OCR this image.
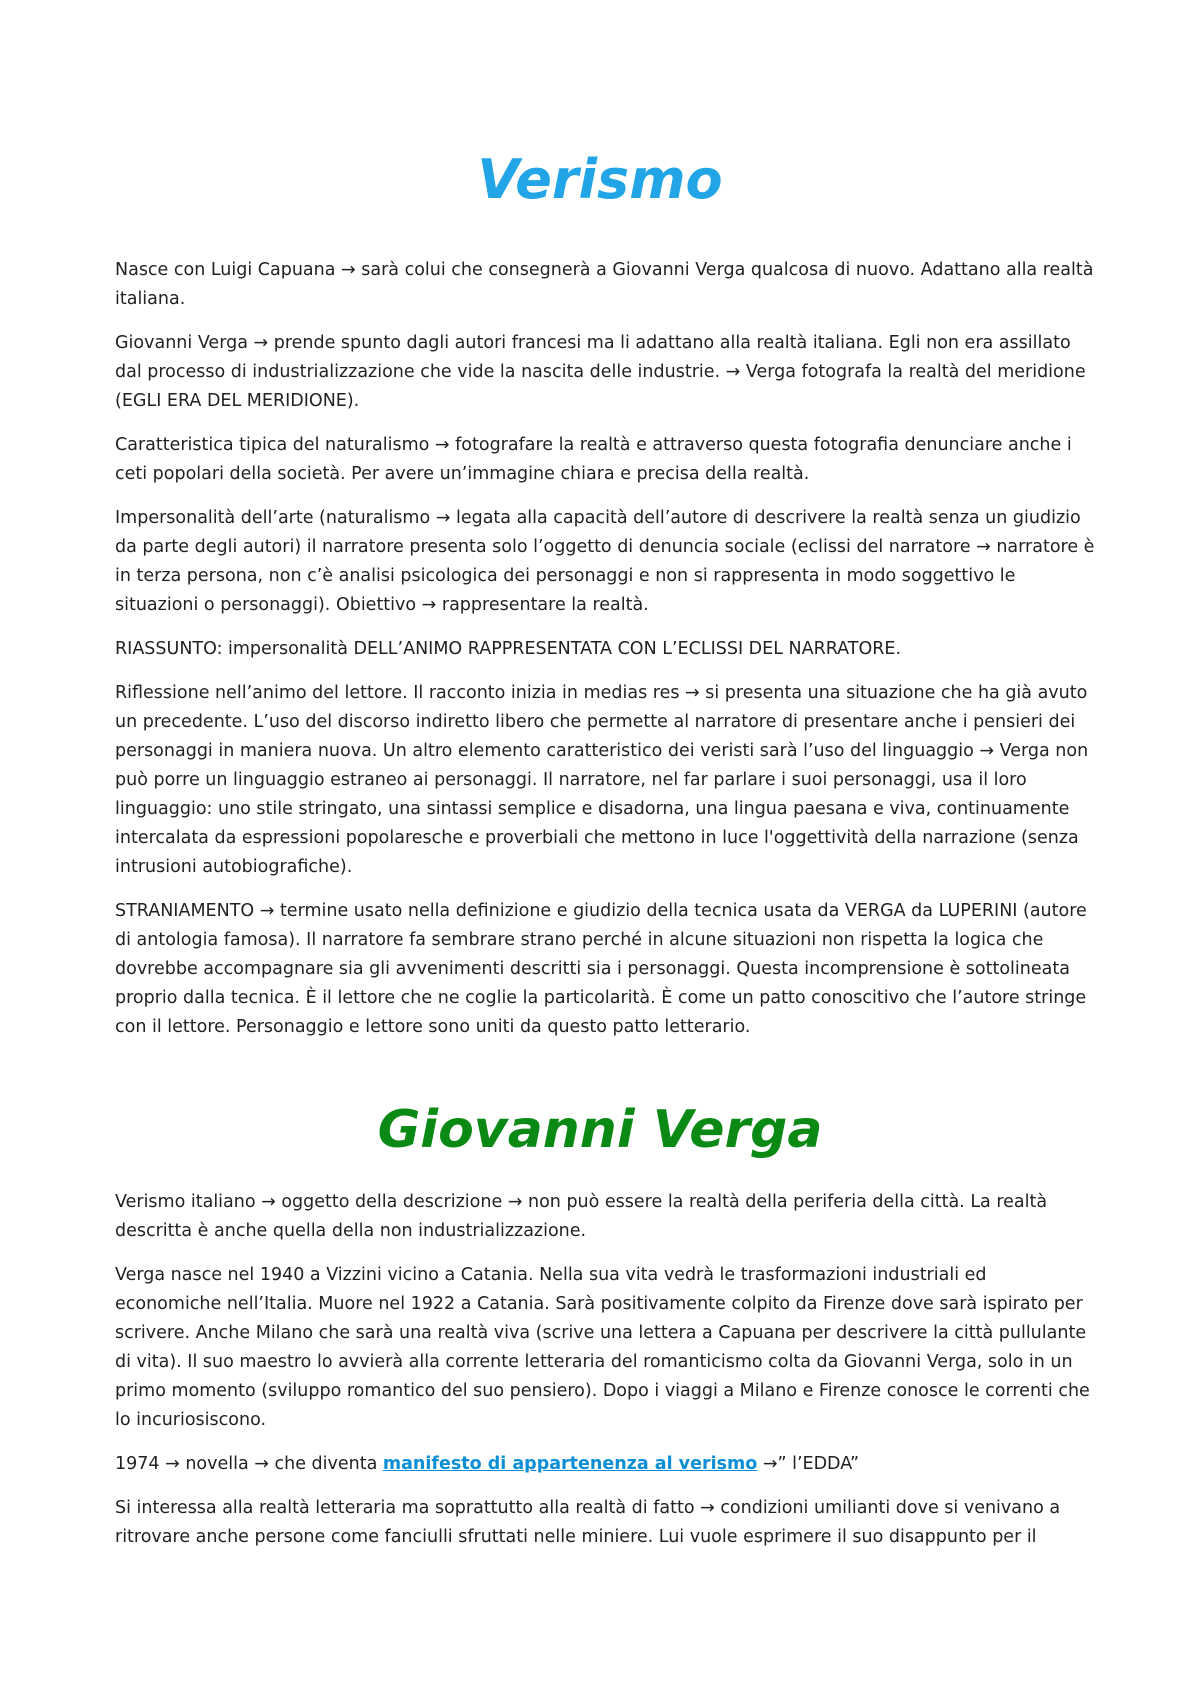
Verismo

Nasce con Luigi Capuana → sarà colui che consegnerà a Giovanni Verga qualcosa di nuovo. Adattano alla realtà italiana.

Giovanni Verga → prende spunto dagli autori francesi ma li adattano alla realtà italiana. Egli non era assillato dal processo di industrializzazione che vide la nascita delle industrie. → Verga fotografa la realtà del meridione (EGLI ERA DEL MERIDIONE).

Caratteristica tipica del naturalismo → fotografare la realtà e attraverso questa fotografia denunciare anche i ceti popolari della società. Per avere un’immagine chiara e precisa della realtà.

Impersonalità dell’arte (naturalismo → legata alla capacità dell’autore di descrivere la realtà senza un giudizio da parte degli autori) il narratore presenta solo l’oggetto di denuncia sociale (eclissi del narratore → narratore è in terza persona, non c’è analisi psicologica dei personaggi e non si rappresenta in modo soggettivo le situazioni o personaggi). Obiettivo → rappresentare la realtà.

RIASSUNTO: impersonalità DELL’ANIMO RAPPRESENTATA CON L’ECLISSI DEL NARRATORE.

Riflessione nell’animo del lettore. Il racconto inizia in medias res → si presenta una situazione che ha già avuto un precedente. L’uso del discorso indiretto libero che permette al narratore di presentare anche i pensieri dei personaggi in maniera nuova. Un altro elemento caratteristico dei veristi sarà l’uso del linguaggio → Verga non può porre un linguaggio estraneo ai personaggi. Il narratore, nel far parlare i suoi personaggi, usa il loro linguaggio: uno stile stringato, una sintassi semplice e disadorna, una lingua paesana e viva, continuamente intercalata da espressioni popolaresche e proverbiali che mettono in luce l'oggettività della narrazione (senza intrusioni autobiografiche).

STRANIAMENTO → termine usato nella definizione e giudizio della tecnica usata da VERGA da LUPERINI (autore di antologia famosa). Il narratore fa sembrare strano perché in alcune situazioni non rispetta la logica che dovrebbe accompagnare sia gli avvenimenti descritti sia i personaggi. Questa incomprensione è sottolineata proprio dalla tecnica. È il lettore che ne coglie la particolarità. È come un patto conoscitivo che l’autore stringe con il lettore. Personaggio e lettore sono uniti da questo patto letterario.

Giovanni Verga

Verismo italiano → oggetto della descrizione → non può essere la realtà della periferia della città. La realtà descritta è anche quella della non industrializzazione.

Verga nasce nel 1940 a Vizzini vicino a Catania. Nella sua vita vedrà le trasformazioni industriali ed economiche nell’Italia. Muore nel 1922 a Catania. Sarà positivamente colpito da Firenze dove sarà ispirato per scrivere. Anche Milano che sarà una realtà viva (scrive una lettera a Capuana per descrivere la città pullulante di vita). Il suo maestro lo avvierà alla corrente letteraria del romanticismo colta da Giovanni Verga, solo in un primo momento (sviluppo romantico del suo pensiero). Dopo i viaggi a Milano e Firenze conosce le correnti che lo incuriosiscono.

1974 → novella → che diventa manifesto di appartenenza al verismo →” l’EDDA”

Si interessa alla realtà letteraria ma soprattutto alla realtà di fatto → condizioni umilianti dove si venivano a ritrovare anche persone come fanciulli sfruttati nelle miniere. Lui vuole esprimere il suo disappunto per il
